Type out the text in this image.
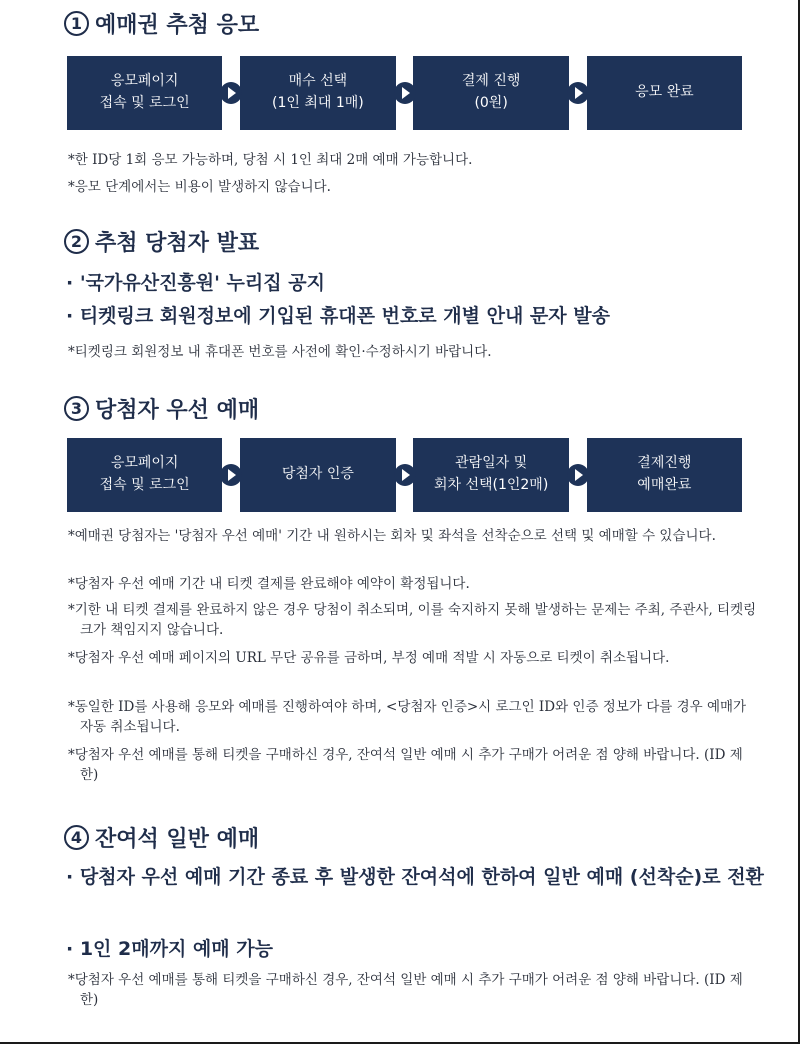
1 예매권 추첨 응모
응모페이지
접속 및 로그인
매수 선택
(1인 최대 1매)
결제 진행
(0원)
응모 완료
*한 ID당 1회 응모 가능하며, 당첨 시 1인 최대 2매 예매 가능합니다.
*응모 단계에서는 비용이 발생하지 않습니다.
2 추첨 당첨자 발표
· '국가유산진흥원' 누리집 공지
· 티켓링크 회원정보에 기입된 휴대폰 번호로 개별 안내 문자 발송
*티켓링크 회원정보 내 휴대폰 번호를 사전에 확인·수정하시기 바랍니다.
3 당첨자 우선 예매
응모페이지
접속 및 로그인
당첨자 인증
관람일자 및
회차 선택(1인2매)
결제진행
예매완료
*예매권 당첨자는 '당첨자 우선 예매' 기간 내 원하시는 회차 및 좌석을 선착순으로 선택 및 예매할 수 있습니다.
*당첨자 우선 예매 기간 내 티켓 결제를 완료해야 예약이 확정됩니다.
*기한 내 티켓 결제를 완료하지 않은 경우 당첨이 취소되며, 이를 숙지하지 못해 발생하는 문제는 주최, 주관사, 티켓링크가 책임지지 않습니다.
*당첨자 우선 예매 페이지의 URL 무단 공유를 금하며, 부정 예매 적발 시 자동으로 티켓이 취소됩니다.
*동일한 ID를 사용해 응모와 예매를 진행하여야 하며, <당첨자 인증>시 로그인 ID와 인증 정보가 다를 경우 예매가 자동 취소됩니다.
*당첨자 우선 예매를 통해 티켓을 구매하신 경우, 잔여석 일반 예매 시 추가 구매가 어려운 점 양해 바랍니다. (ID 제한)
4 잔여석 일반 예매
· 당첨자 우선 예매 기간 종료 후 발생한 잔여석에 한하여 일반 예매 (선착순)로 전환
· 1인 2매까지 예매 가능
*당첨자 우선 예매를 통해 티켓을 구매하신 경우, 잔여석 일반 예매 시 추가 구매가 어려운 점 양해 바랍니다. (ID 제한)
